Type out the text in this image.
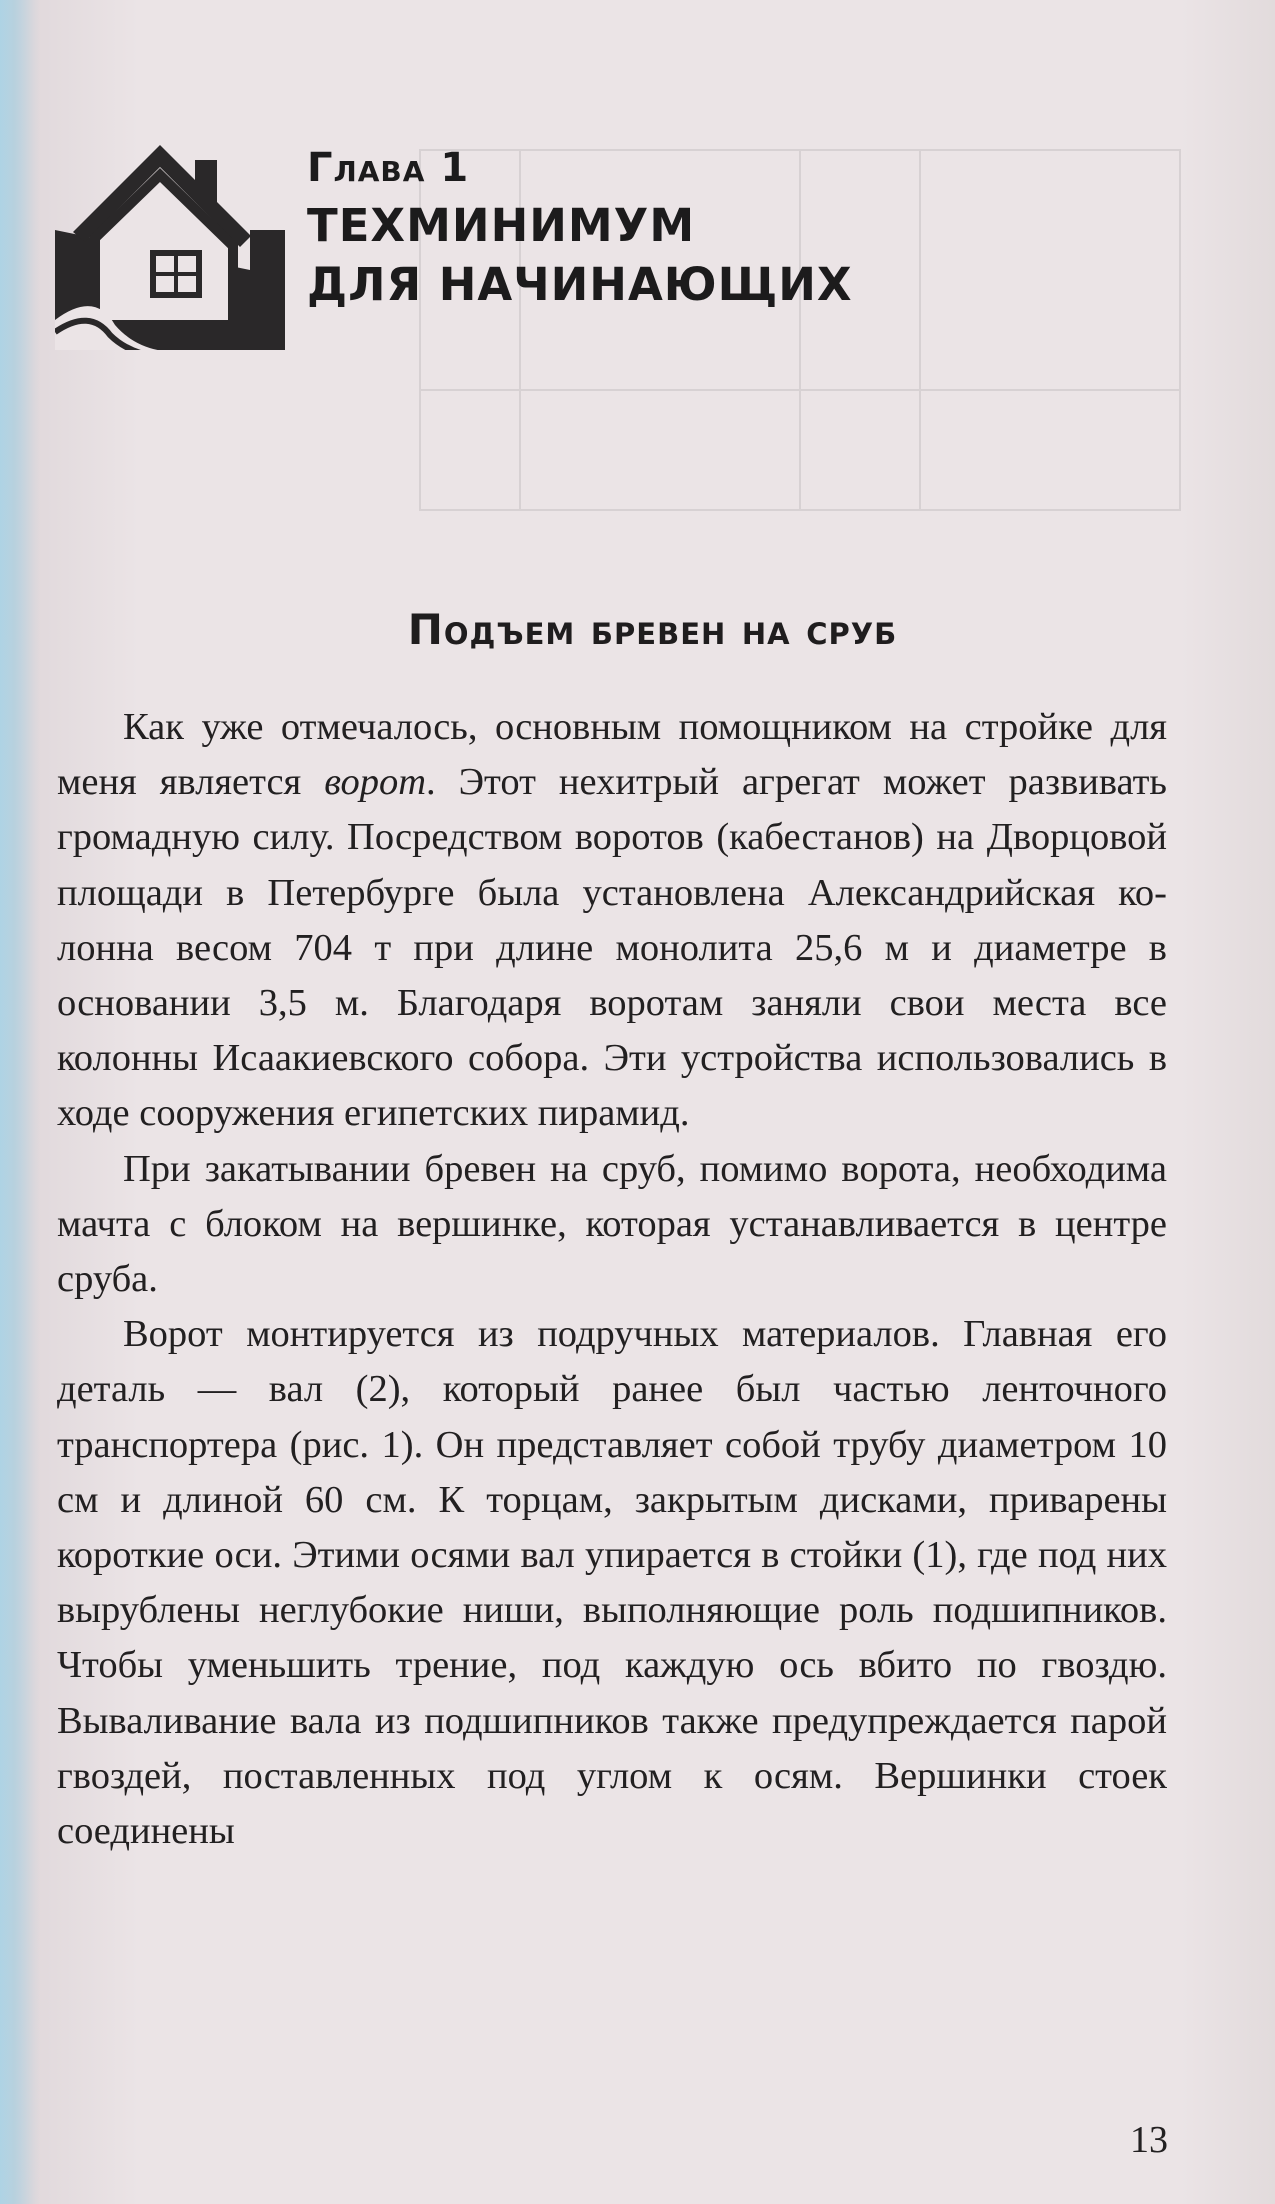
Глава 1
ТЕХМИНИМУМ
ДЛЯ НАЧИНАЮЩИХ
Подъем бревен на сруб

Как уже отмечалось, основным помощником на стройке для меня является ворот. Этот нехитрый агрегат может развивать громадную силу. Посредством воротов (кабестанов) на Дворцовой площади в Петербурге была установлена Александрийская колонна весом 704 т при длине монолита 25,6 м и диаметре в основании 3,5 м. Благодаря воротам заняли свои места все колонны Исаакиевского собора. Эти устройства использовались в ходе сооружения египетских пирамид.

При закатывании бревен на сруб, помимо ворота, необходима мачта с блоком на вершинке, которая устанавливается в центре сруба.

Ворот монтируется из подручных материалов. Главная его деталь — вал (2), который ранее был частью ленточного транспортера (рис. 1). Он представляет собой трубу диаметром 10 см и длиной 60 см. К торцам, закрытым дисками, приварены короткие оси. Этими осями вал упирается в стойки (1), где под них вырублены неглубокие ниши, выполняющие роль подшипников. Чтобы уменьшить трение, под каждую ось вбито по гвоздю. Вываливание вала из подшипников также предупреждается парой гвоздей, поставленных под углом к осям. Вершинки стоек соединены

13
